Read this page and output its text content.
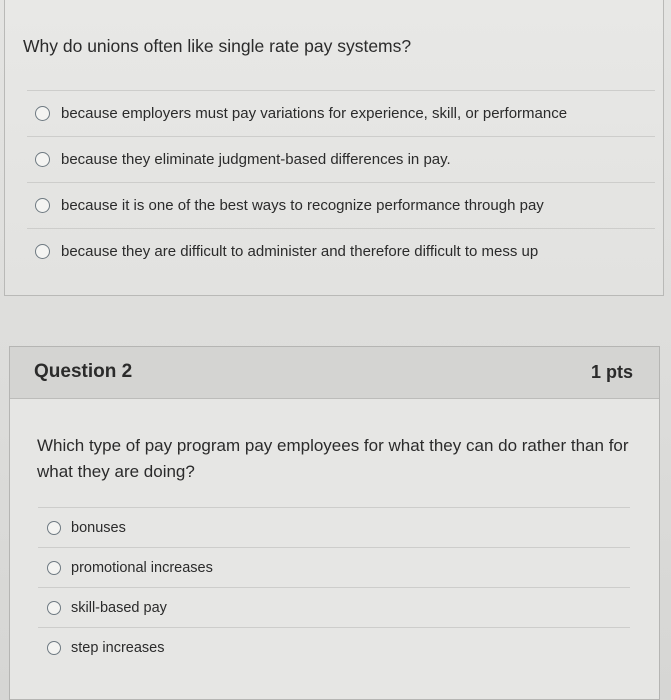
Why do unions often like single rate pay systems?
because employers must pay variations for experience, skill, or performance
because they eliminate judgment-based differences in pay.
because it is one of the best ways to recognize performance through pay
because they are difficult to administer and therefore difficult to mess up
Question 2	1 pts
Which type of pay program pay employees for what they can do rather than for what they are doing?
bonuses
promotional increases
skill-based pay
step increases
